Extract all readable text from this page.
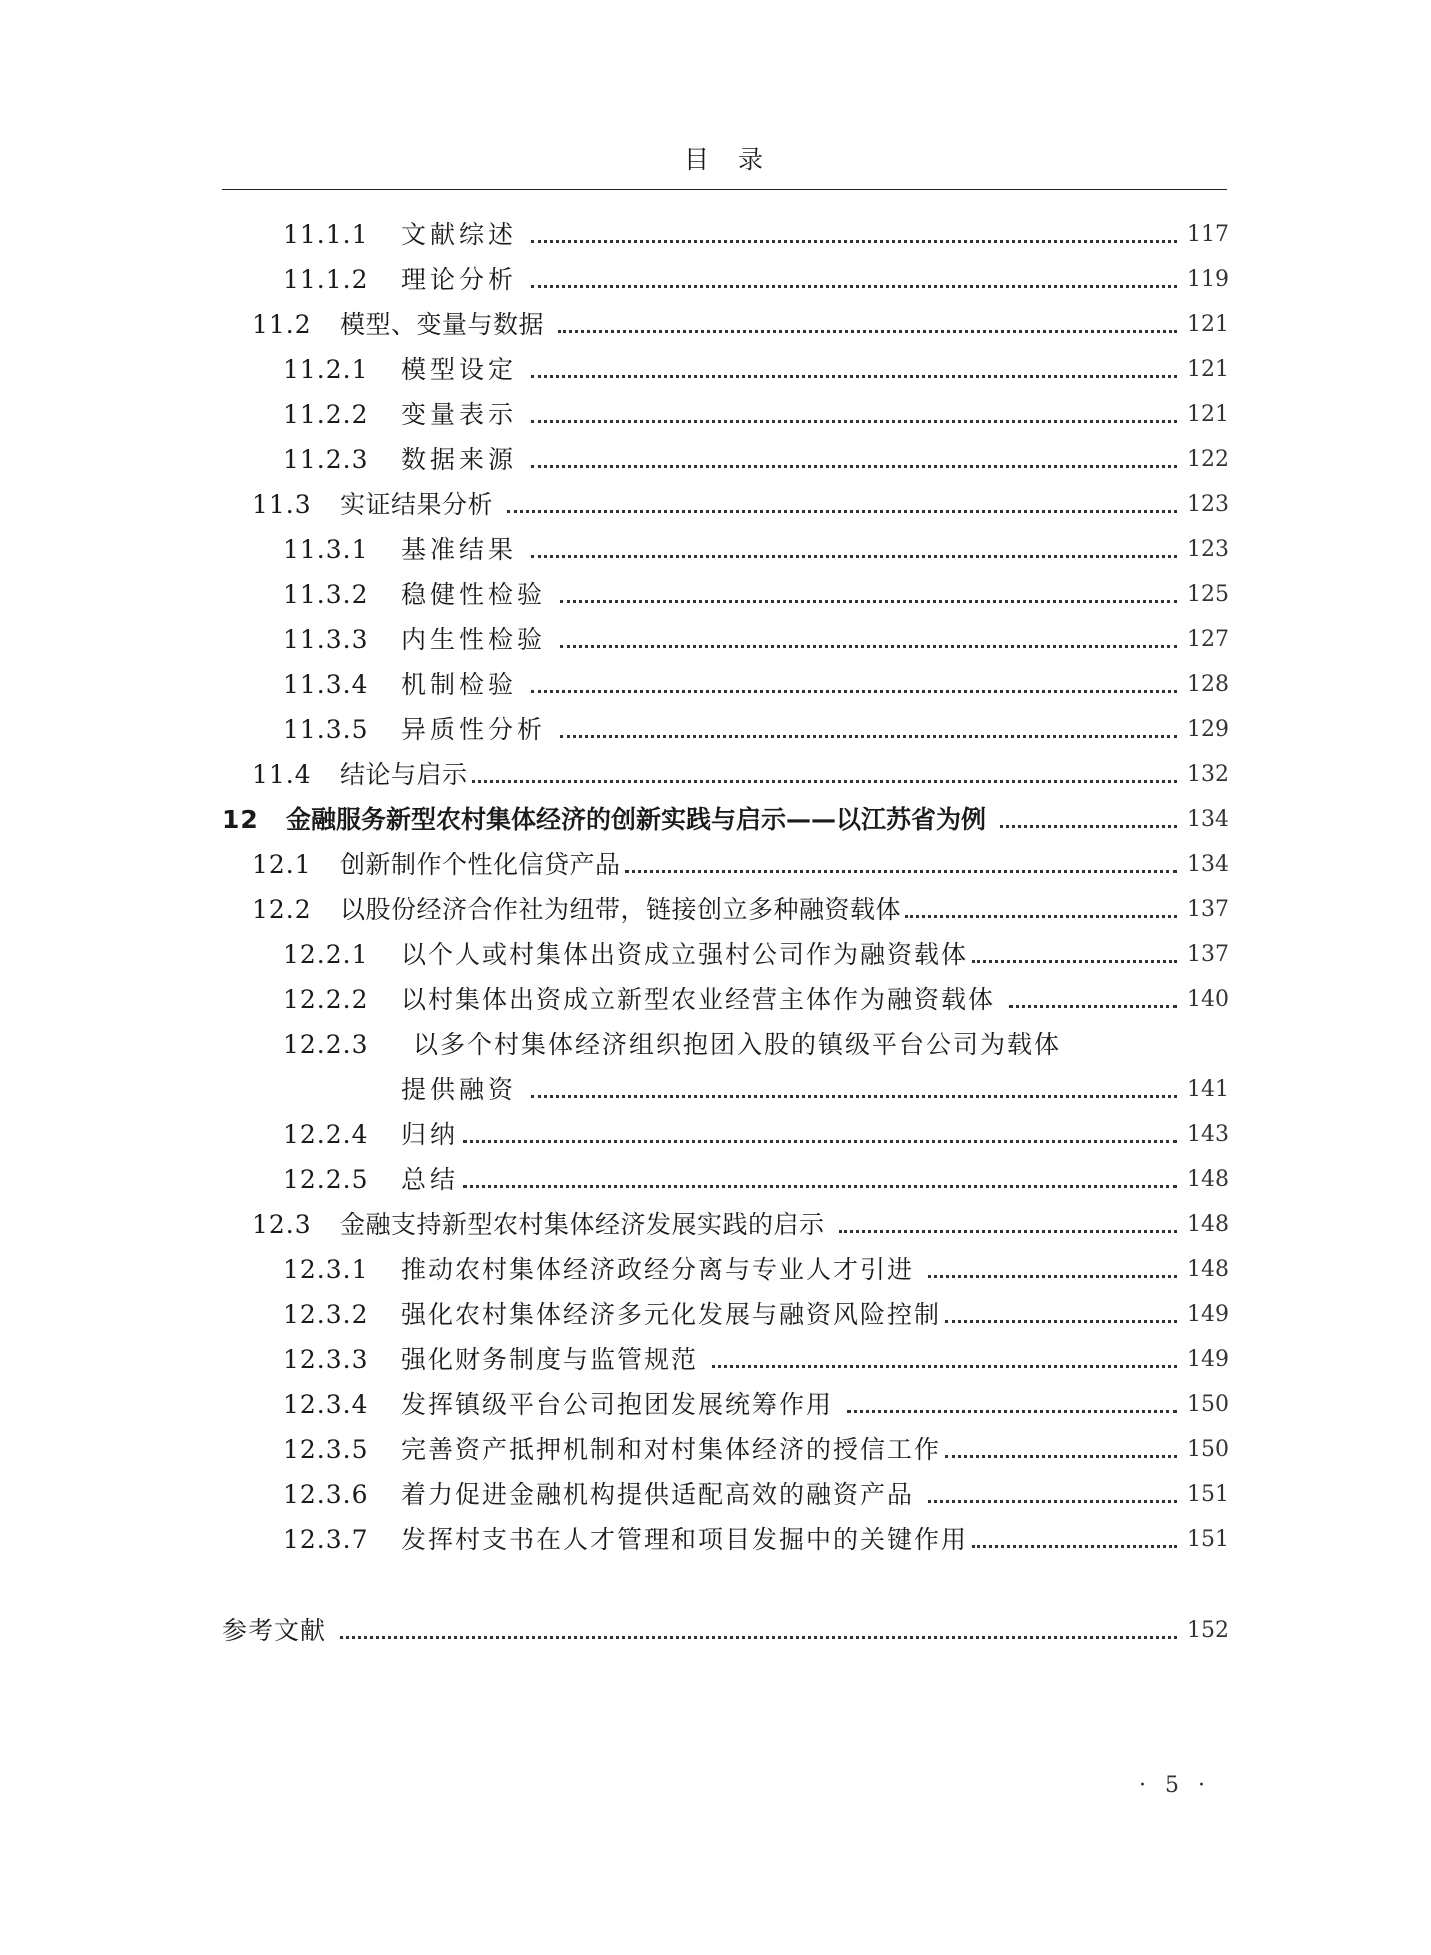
目　录
11.1.1	文献综述	117
11.1.2	理论分析	119
11.2	模型、变量与数据	121
11.2.1	模型设定	121
11.2.2	变量表示	121
11.2.3	数据来源	122
11.3	实证结果分析	123
11.3.1	基准结果	123
11.3.2	稳健性检验	125
11.3.3	内生性检验	127
11.3.4	机制检验	128
11.3.5	异质性分析	129
11.4	结论与启示	132
12	金融服务新型农村集体经济的创新实践与启示——以江苏省为例	134
12.1	创新制作个性化信贷产品	134
12.2	以股份经济合作社为纽带，链接创立多种融资载体	137
12.2.1	以个人或村集体出资成立强村公司作为融资载体	137
12.2.2	以村集体出资成立新型农业经营主体作为融资载体	140
12.2.3 以多个村集体经济组织抱团入股的镇级平台公司为载体
提供融资	141
12.2.4	归纳	143
12.2.5	总结	148
12.3	金融支持新型农村集体经济发展实践的启示	148
12.3.1	推动农村集体经济政经分离与专业人才引进	148
12.3.2	强化农村集体经济多元化发展与融资风险控制	149
12.3.3	强化财务制度与监管规范	149
12.3.4	发挥镇级平台公司抱团发展统筹作用	150
12.3.5	完善资产抵押机制和对村集体经济的授信工作	150
12.3.6	着力促进金融机构提供适配高效的融资产品	151
12.3.7	发挥村支书在人才管理和项目发掘中的关键作用	151
参考文献	152
· 5 ·
